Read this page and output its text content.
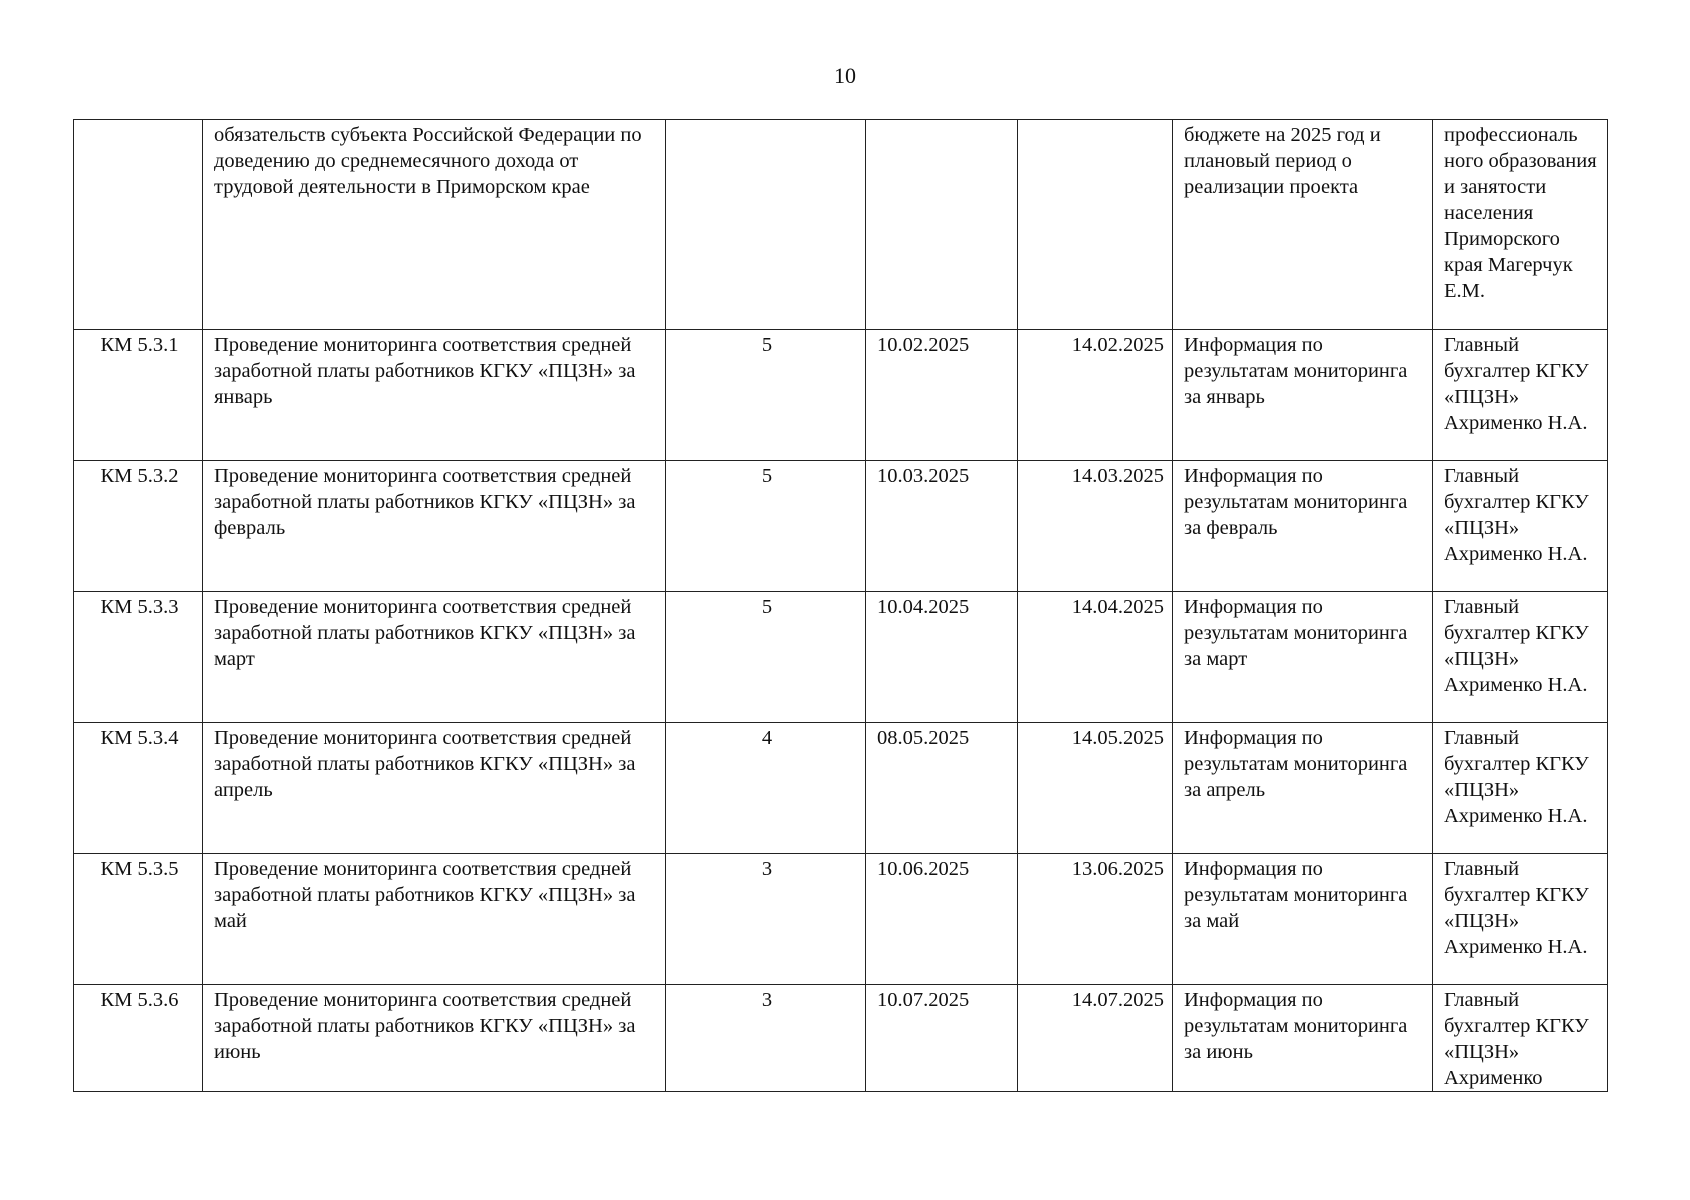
10
	обязательств субъекта Российской Федерации по доведению до среднемесячного дохода от трудовой деятельности в Приморском крае				бюджете на 2025 год и плановый период о реализации проекта	профессиональ ного образования и занятости населения Приморского края Магерчук Е.М.
КМ 5.3.1	Проведение мониторинга соответствия средней заработной платы работников КГКУ «ПЦЗН» за январь	5	10.02.2025	14.02.2025	Информация по результатам мониторинга за январь	Главный бухгалтер КГКУ «ПЦЗН» Ахрименко Н.А.
КМ 5.3.2	Проведение мониторинга соответствия средней заработной платы работников КГКУ «ПЦЗН» за февраль	5	10.03.2025	14.03.2025	Информация по результатам мониторинга за февраль	Главный бухгалтер КГКУ «ПЦЗН» Ахрименко Н.А.
КМ 5.3.3	Проведение мониторинга соответствия средней заработной платы работников КГКУ «ПЦЗН» за март	5	10.04.2025	14.04.2025	Информация по результатам мониторинга за март	Главный бухгалтер КГКУ «ПЦЗН» Ахрименко Н.А.
КМ 5.3.4	Проведение мониторинга соответствия средней заработной платы работников КГКУ «ПЦЗН» за апрель	4	08.05.2025	14.05.2025	Информация по результатам мониторинга за апрель	Главный бухгалтер КГКУ «ПЦЗН» Ахрименко Н.А.
КМ 5.3.5	Проведение мониторинга соответствия средней заработной платы работников КГКУ «ПЦЗН» за май	3	10.06.2025	13.06.2025	Информация по результатам мониторинга за май	Главный бухгалтер КГКУ «ПЦЗН» Ахрименко Н.А.
КМ 5.3.6	Проведение мониторинга соответствия средней заработной платы работников КГКУ «ПЦЗН» за июнь	3	10.07.2025	14.07.2025	Информация по результатам мониторинга за июнь	Главный бухгалтер КГКУ «ПЦЗН» Ахрименко
